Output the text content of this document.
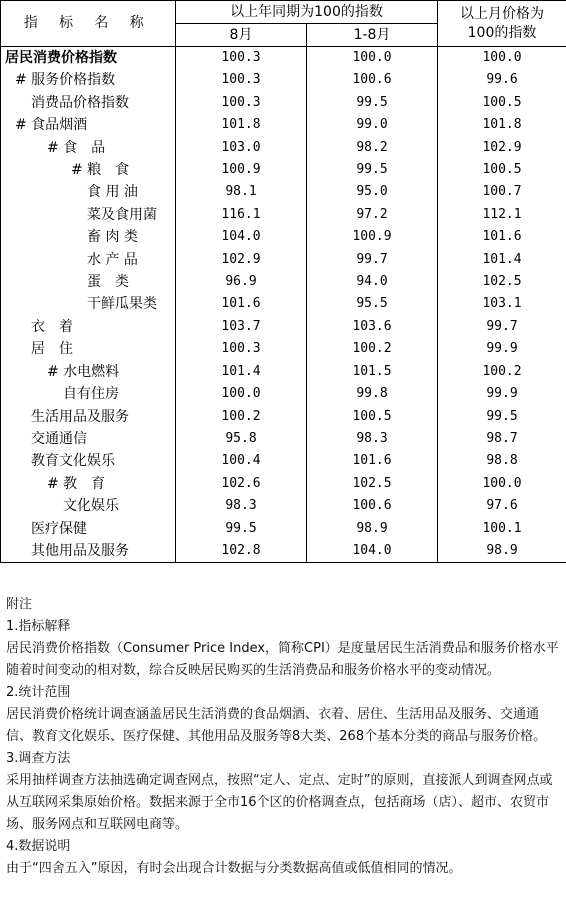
指 标 名 称	以上年同期为100的指数		以上月价格为100的指数

	8月	1-8月	
居民消费价格指数	100.3	100.0	100.0
# 服务价格指数	100.3	100.6	99.6
消费品价格指数	100.3	99.5	100.5
# 食品烟酒	101.8	99.0	101.8
# 食　品	103.0	98.2	102.9
# 粮　食	100.9	99.5	100.5
食 用 油	98.1	95.0	100.7
菜及食用菌	116.1	97.2	112.1
畜 肉 类	104.0	100.9	101.6
水 产 品	102.9	99.7	101.4
蛋　类	96.9	94.0	102.5
干鲜瓜果类	101.6	95.5	103.1
衣　着	103.7	103.6	99.7
居　住	100.3	100.2	99.9
# 水电燃料	101.4	101.5	100.2
自有住房	100.0	99.8	99.9
生活用品及服务	100.2	100.5	99.5
交通通信	95.8	98.3	98.7
教育文化娱乐	100.4	101.6	98.8
# 教　育	102.6	102.5	100.0
文化娱乐	98.3	100.6	97.6
医疗保健	99.5	98.9	100.1
其他用品及服务	102.8	104.0	98.9

附注

1.指标解释

居民消费价格指数（Consumer Price Index，简称CPI）是度量居民生活消费品和服务价格水平随着时间变动的相对数，综合反映居民购买的生活消费品和服务价格水平的变动情况。

2.统计范围

居民消费价格统计调查涵盖居民生活消费的食品烟酒、衣着、居住、生活用品及服务、交通通信、教育文化娱乐、医疗保健、其他用品及服务等8大类、268个基本分类的商品与服务价格。

3.调查方法

采用抽样调查方法抽选确定调查网点，按照“定人、定点、定时”的原则，直接派人到调查网点或从互联网采集原始价格。数据来源于全市16个区的价格调查点，包括商场（店）、超市、农贸市场、服务网点和互联网电商等。

4.数据说明

由于“四舍五入”原因，有时会出现合计数据与分类数据高值或低值相同的情况。
